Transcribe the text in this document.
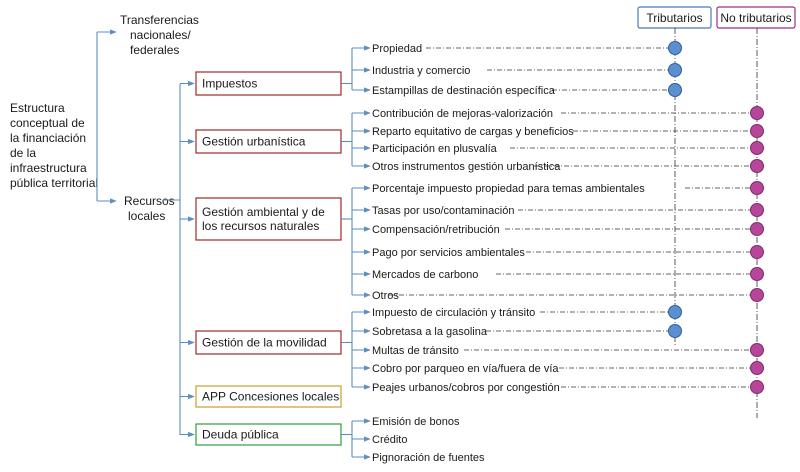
Estructura conceptual de la financiación de la infraestructura pública territorial
Transferencias nacionales/ federales
Recursos locales
Tributarios No tributarios
Impuestos
Propiedad
Industria y comercio
Estampillas de destinación específica
Gestión urbanística
Contribución de mejoras-valorización
Reparto equitativo de cargas y beneficios
Participación en plusvalía
Otros instrumentos gestión urbanística
Gestión ambiental y de
los recursos naturales
Porcentaje impuesto propiedad para temas ambientales
Tasas por uso/contaminación
Compensación/retribución
Pago por servicios ambientales
Mercados de carbono
Otros
Gestión de la movilidad
Impuesto de circulación y tránsito
Sobretasa a la gasolina
Multas de tránsito
Cobro por parqueo en vía/fuera de vía
Peajes urbanos/cobros por congestión
APP Concesiones locales
Deuda pública
Emisión de bonos
Crédito
Pignoración de fuentes
